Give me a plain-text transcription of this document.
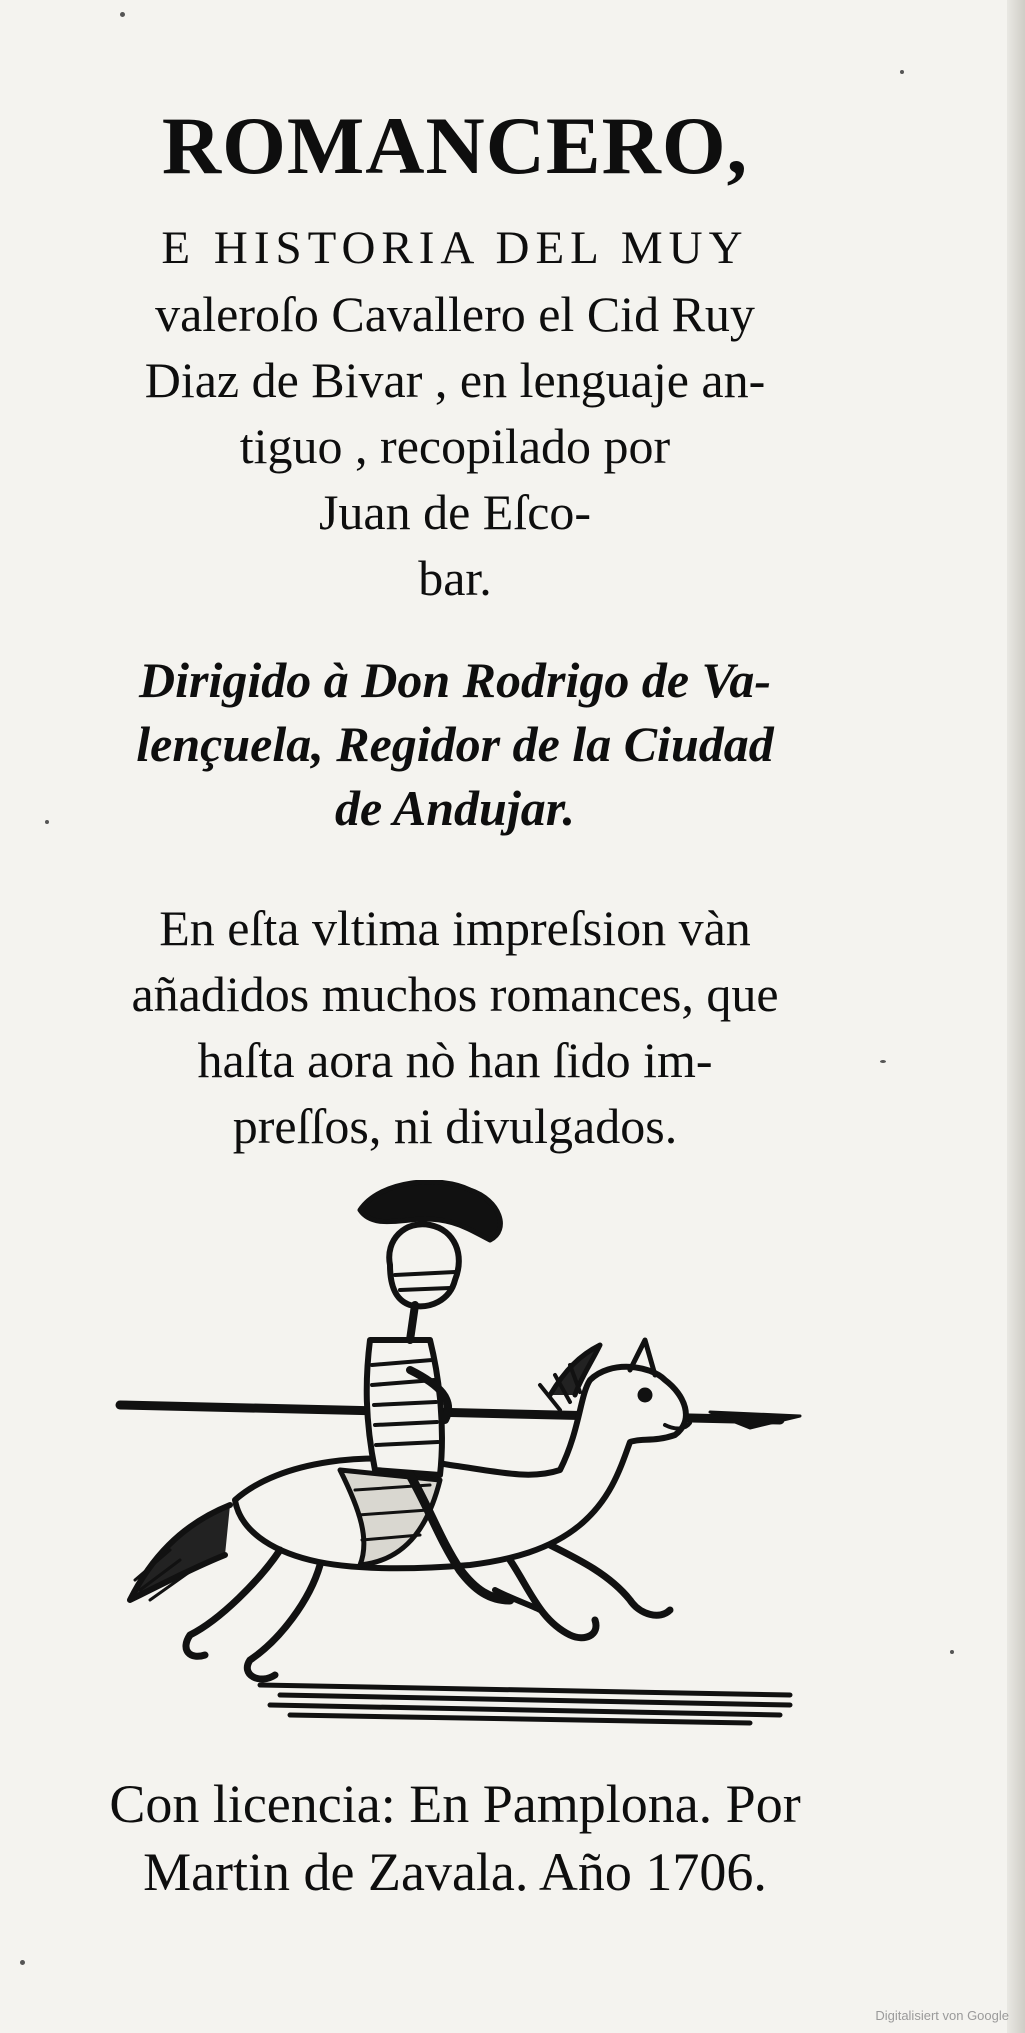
ROMANCERO,
E HISTORIA DEL MUY
valeroſo Cavallero el Cid Ruy
Diaz de Bivar , en lenguaje an-
tiguo , recopilado por
Juan de Eſco-
bar.
Dirigido à Don Rodrigo de Va-
lençuela, Regidor de la Ciudad
de Andujar.
En eſta vltima impreſsion vàn
añadidos muchos romances, que
haſta aora nò han ſido im-
preſſos, ni divulgados.
Con licencia: En Pamplona. Por
Martin de Zavala. Año 1706.
Digitalisiert von Google
